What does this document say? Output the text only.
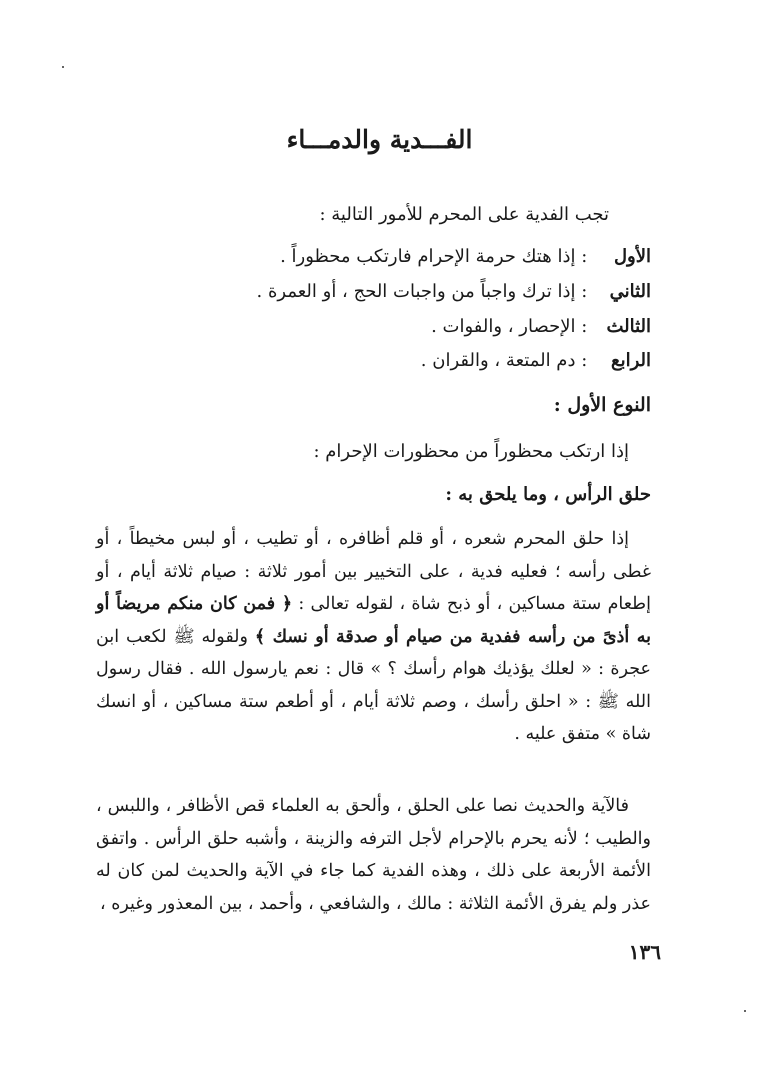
الفـــدية والدمـــاء
تجب الفدية على المحرم للأمور التالية :
الأول : إذا هتك حرمة الإحرام فارتكب محظوراً .
الثاني : إذا ترك واجباً من واجبات الحج ، أو العمرة .
الثالث : الإحصار ، والفوات .
الرابع : دم المتعة ، والقران .
النوع الأول :
إذا ارتكب محظوراً من محظورات الإحرام :
حلق الرأس ، وما يلحق به :

إذا حلق المحرم شعره ، أو قلم أظافره ، أو تطيب ، أو لبس مخيطاً ، أو غطى رأسه ؛ فعليه فدية ، على التخيير بين أمور ثلاثة : صيام ثلاثة أيام ، أو إطعام ستة مساكين ، أو ذبح شاة ، لقوله تعالى : ﴿ فمن كان منكم مريضاً أو به أذىً من رأسه ففدية من صيام أو صدقة أو نسك ﴾ ولقوله ﷺ لكعب ابن عجرة : « لعلك يؤذيك هوام رأسك ؟ » قال : نعم يارسول الله . فقال رسول الله ﷺ : « احلق رأسك ، وصم ثلاثة أيام ، أو أطعم ستة مساكين ، أو انسك شاة » متفق عليه .

فالآية والحديث نصا على الحلق ، وألحق به العلماء قص الأظافر ، واللبس ، والطيب ؛ لأنه يحرم بالإحرام لأجل الترفه والزينة ، وأشبه حلق الرأس . واتفق الأئمة الأربعة على ذلك ، وهذه الفدية كما جاء في الآية والحديث لمن كان له عذر ولم يفرق الأئمة الثلاثة : مالك ، والشافعي ، وأحمد ، بين المعذور وغيره ،

١٣٦
